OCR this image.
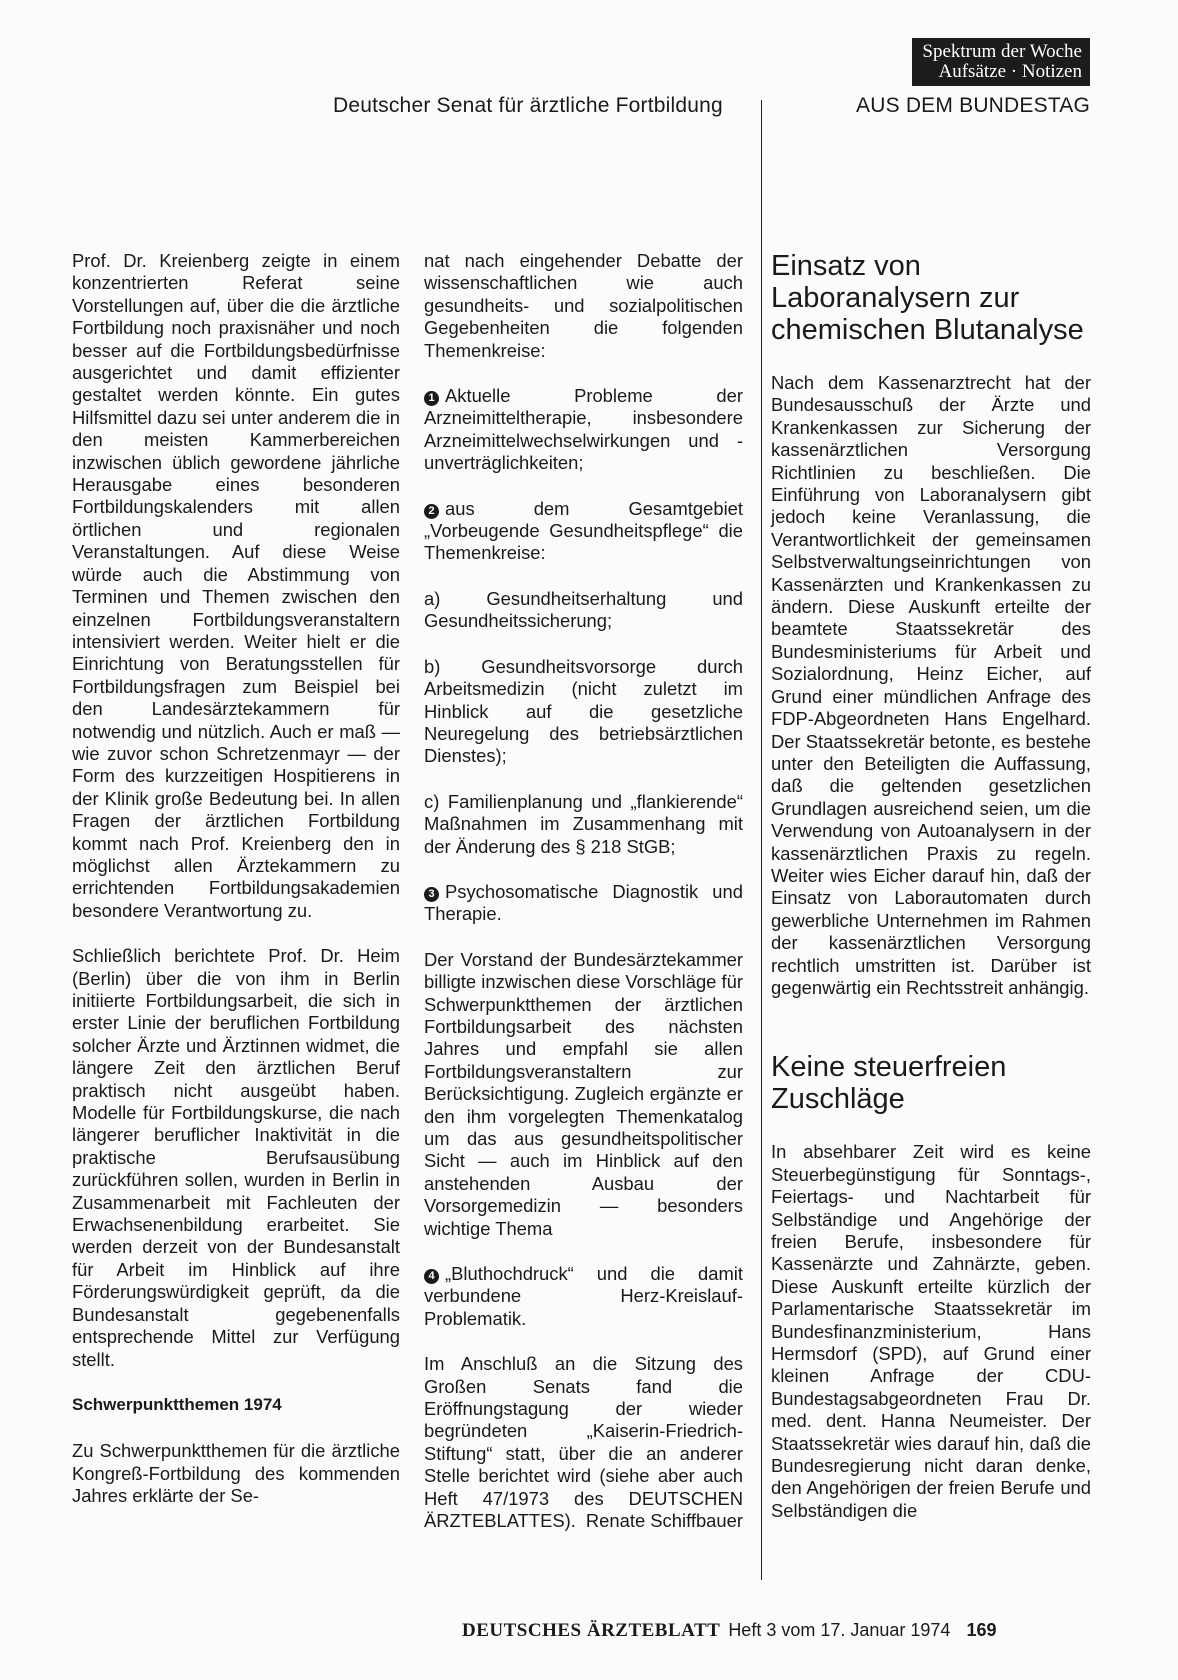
Spektrum der Woche
Aufsätze · Notizen
Deutscher Senat für ärztliche Fortbildung	AUS DEM BUNDESTAG

Prof. Dr. Kreienberg zeigte in einem konzentrierten Referat seine Vorstellungen auf, über die die ärztliche Fortbildung noch praxisnäher und noch besser auf die Fortbildungsbedürfnisse ausgerichtet und damit effizienter gestaltet werden könnte. Ein gutes Hilfsmittel dazu sei unter anderem die in den meisten Kammerbereichen inzwischen üblich gewordene jährliche Herausgabe eines besonderen Fortbildungskalenders mit allen örtlichen und regionalen Veranstaltungen. Auf diese Weise würde auch die Abstimmung von Terminen und Themen zwischen den einzelnen Fortbildungsveranstaltern intensiviert werden. Weiter hielt er die Einrichtung von Beratungsstellen für Fortbildungsfragen zum Beispiel bei den Landesärztekammern für notwendig und nützlich. Auch er maß — wie zuvor schon Schretzenmayr — der Form des kurzzeitigen Hospitierens in der Klinik große Bedeutung bei. In allen Fragen der ärztlichen Fortbildung kommt nach Prof. Kreienberg den in möglichst allen Ärztekammern zu errichtenden Fortbildungsakademien besondere Verantwortung zu.

Schließlich berichtete Prof. Dr. Heim (Berlin) über die von ihm in Berlin initiierte Fortbildungsarbeit, die sich in erster Linie der beruflichen Fortbildung solcher Ärzte und Ärztinnen widmet, die längere Zeit den ärztlichen Beruf praktisch nicht ausgeübt haben. Modelle für Fortbildungskurse, die nach längerer beruflicher Inaktivität in die praktische Berufsausübung zurückführen sollen, wurden in Berlin in Zusammenarbeit mit Fachleuten der Erwachsenenbildung erarbeitet. Sie werden derzeit von der Bundesanstalt für Arbeit im Hinblick auf ihre Förderungswürdigkeit geprüft, da die Bundesanstalt gegebenenfalls entsprechende Mittel zur Verfügung stellt.

Schwerpunktthemen 1974

Zu Schwerpunktthemen für die ärztliche Kongreß-Fortbildung des kommenden Jahres erklärte der Se-

nat nach eingehender Debatte der wissenschaftlichen wie auch gesundheits- und sozialpolitischen Gegebenheiten die folgenden Themenkreise:

1 Aktuelle Probleme der Arzneimitteltherapie, insbesondere Arzneimittelwechselwirkungen und -unverträglichkeiten;

2 aus dem Gesamtgebiet „Vorbeugende Gesundheitspflege“ die Themenkreise:

a) Gesundheitserhaltung und Gesundheitssicherung;

b) Gesundheitsvorsorge durch Arbeitsmedizin (nicht zuletzt im Hinblick auf die gesetzliche Neuregelung des betriebsärztlichen Dienstes);

c) Familienplanung und „flankierende“ Maßnahmen im Zusammenhang mit der Änderung des § 218 StGB;

3 Psychosomatische Diagnostik und Therapie.

Der Vorstand der Bundesärztekammer billigte inzwischen diese Vorschläge für Schwerpunktthemen der ärztlichen Fortbildungsarbeit des nächsten Jahres und empfahl sie allen Fortbildungsveranstaltern zur Berücksichtigung. Zugleich ergänzte er den ihm vorgelegten Themenkatalog um das aus gesundheitspolitischer Sicht — auch im Hinblick auf den anstehenden Ausbau der Vorsorgemedizin — besonders wichtige Thema

4 „Bluthochdruck“ und die damit verbundene Herz-Kreislauf-Problematik.

Im Anschluß an die Sitzung des Großen Senats fand die Eröffnungstagung der wieder begründeten „Kaiserin-Friedrich-Stiftung“ statt, über die an anderer Stelle berichtet wird (siehe aber auch Heft 47/1973 des DEUTSCHEN ÄRZTEBLATTES). Renate Schiffbauer

Einsatz von Laboranalysern zur chemischen Blutanalyse

Nach dem Kassenarztrecht hat der Bundesausschuß der Ärzte und Krankenkassen zur Sicherung der kassenärztlichen Versorgung Richtlinien zu beschließen. Die Einführung von Laboranalysern gibt jedoch keine Veranlassung, die Verantwortlichkeit der gemeinsamen Selbstverwaltungseinrichtungen von Kassenärzten und Krankenkassen zu ändern. Diese Auskunft erteilte der beamtete Staatssekretär des Bundesministeriums für Arbeit und Sozialordnung, Heinz Eicher, auf Grund einer mündlichen Anfrage des FDP-Abgeordneten Hans Engelhard. Der Staatssekretär betonte, es bestehe unter den Beteiligten die Auffassung, daß die geltenden gesetzlichen Grundlagen ausreichend seien, um die Verwendung von Autoanalysern in der kassenärztlichen Praxis zu regeln. Weiter wies Eicher darauf hin, daß der Einsatz von Laborautomaten durch gewerbliche Unternehmen im Rahmen der kassenärztlichen Versorgung rechtlich umstritten ist. Darüber ist gegenwärtig ein Rechtsstreit anhängig.

Keine steuerfreien Zuschläge

In absehbarer Zeit wird es keine Steuerbegünstigung für Sonntags-, Feiertags- und Nachtarbeit für Selbständige und Angehörige der freien Berufe, insbesondere für Kassenärzte und Zahnärzte, geben. Diese Auskunft erteilte kürzlich der Parlamentarische Staatssekretär im Bundesfinanzministerium, Hans Hermsdorf (SPD), auf Grund einer kleinen Anfrage der CDU-Bundestagsabgeordneten Frau Dr. med. dent. Hanna Neumeister. Der Staatssekretär wies darauf hin, daß die Bundesregierung nicht daran denke, den Angehörigen der freien Berufe und Selbständigen die

DEUTSCHES ÄRZTEBLATT Heft 3 vom 17. Januar 1974 169
